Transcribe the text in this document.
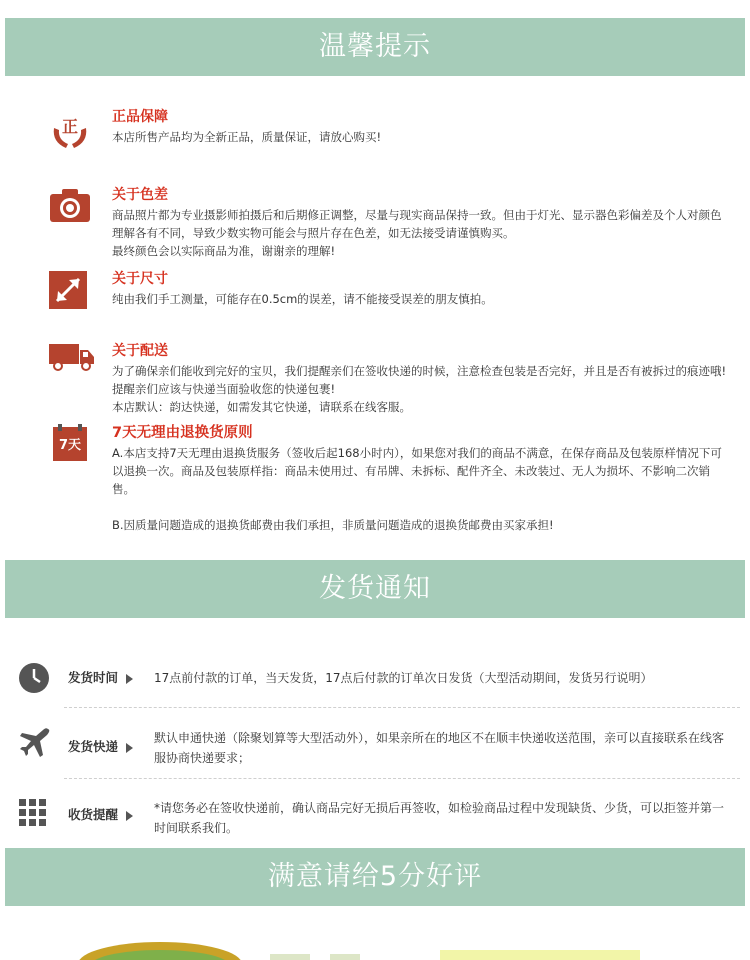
温馨提示
正 正品保障

本店所售产品均为全新正品，质量保证，请放心购买!

关于色差

商品照片都为专业摄影师拍摄后和后期修正调整，尽量与现实商品保持一致。但由于灯光、显示器色彩偏差及个人对颜色理解各有不同，导致少数实物可能会与照片存在色差，如无法接受请谨慎购买。

最终颜色会以实际商品为准，谢谢亲的理解!

关于尺寸

纯由我们手工测量，可能存在0.5cm的误差，请不能接受误差的朋友慎拍。

关于配送

为了确保亲们能收到完好的宝贝，我们提醒亲们在签收快递的时候，注意检查包装是否完好，并且是否有被拆过的痕迹哦!提醒亲们应该与快递当面验收您的快递包裹!

本店默认：韵达快递，如需发其它快递，请联系在线客服。

7天
7天无理由退换货原则

A.本店支持7天无理由退换货服务（签收后起168小时内），如果您对我们的商品不满意，在保存商品及包装原样情况下可以退换一次。商品及包装原样指：商品未使用过、有吊牌、未拆标、配件齐全、未改装过、无人为损坏、不影响二次销售。

B.因质量问题造成的退换货邮费由我们承担，非质量问题造成的退换货邮费由买家承担!

发货通知
发货时间	17点前付款的订单，当天发货，17点后付款的订单次日发货（大型活动期间，发货另行说明）
发货快递
默认申通快递（除聚划算等大型活动外），如果亲所在的地区不在顺丰快递收送范围，亲可以直接联系在线客服协商快递要求；
收货提醒	*请您务必在签收快递前，确认商品完好无损后再签收，如检验商品过程中发现缺货、少货，可以拒签并第一时间联系我们。
满意请给5分好评
